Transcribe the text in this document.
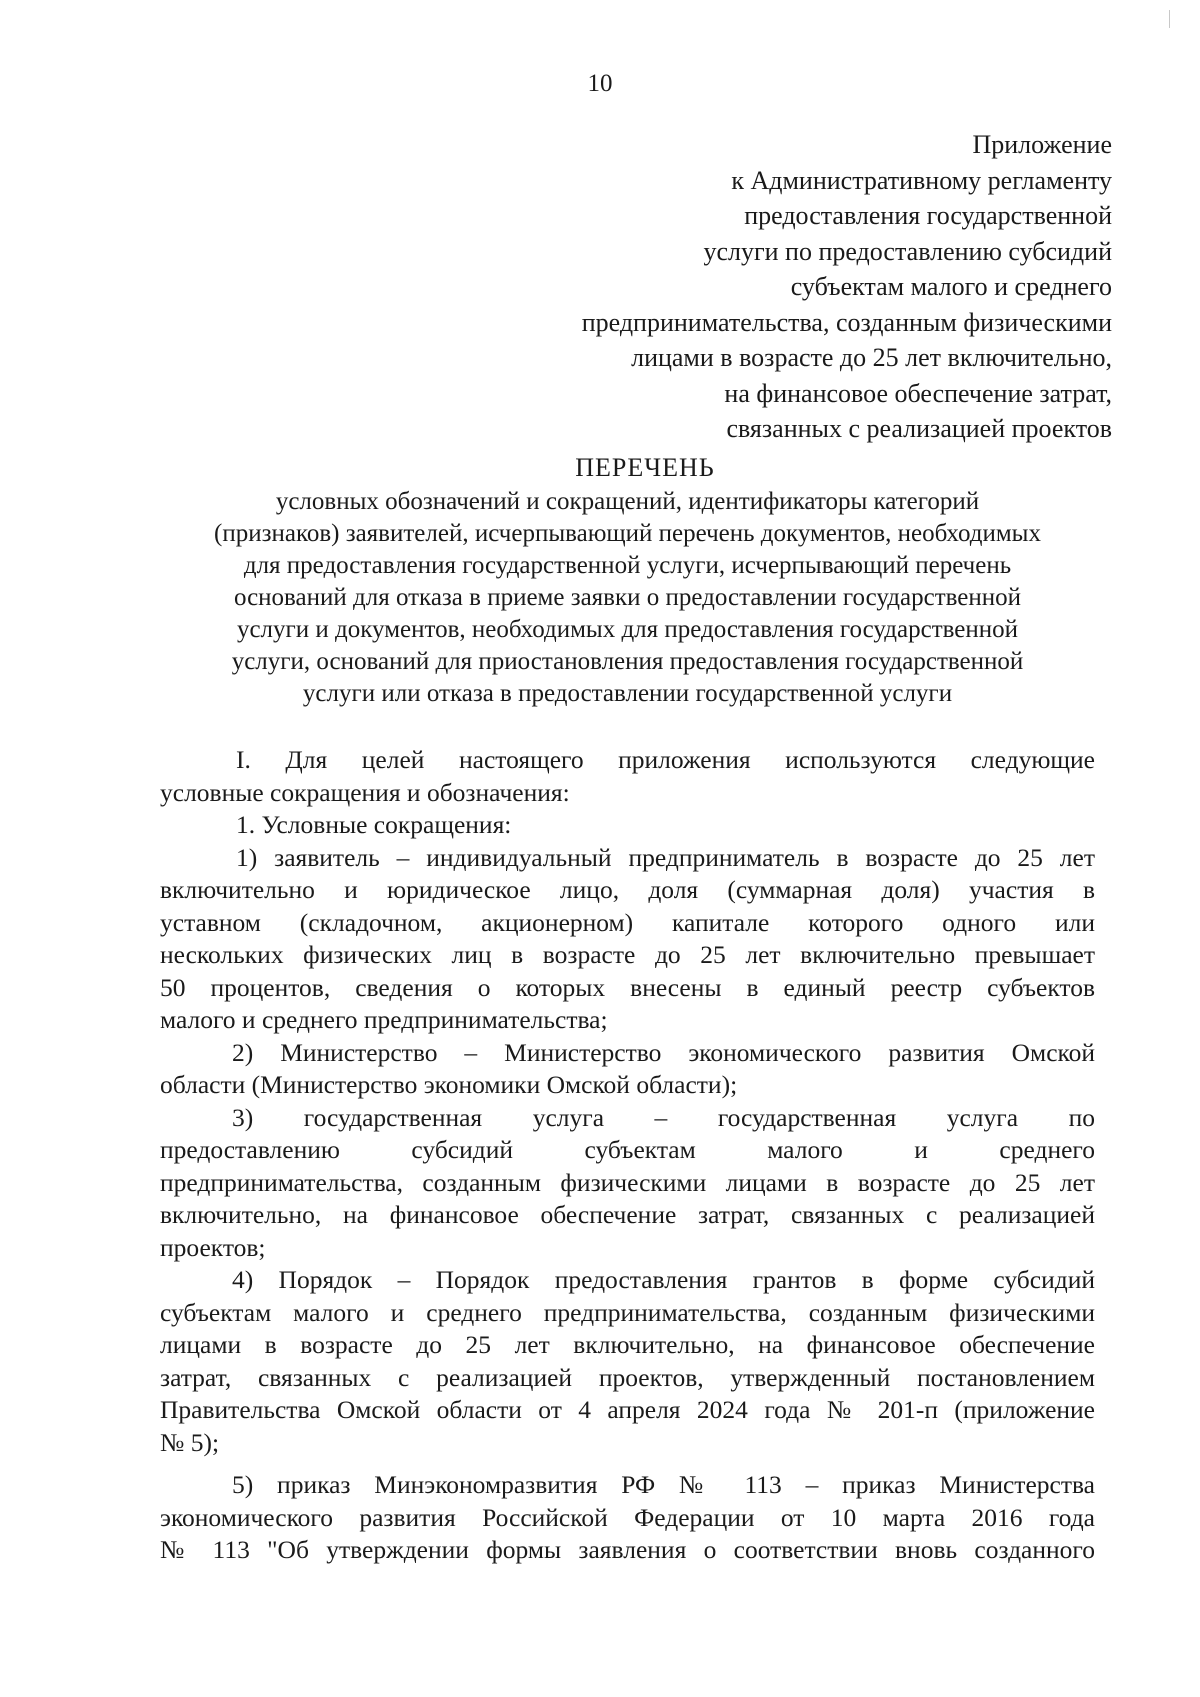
10
Приложение
к Административному регламенту
предоставления государственной
услуги по предоставлению субсидий
субъектам малого и среднего
предпринимательства, созданным физическими
лицами в возрасте до 25 лет включительно,
на финансовое обеспечение затрат,
связанных с реализацией проектов
ПЕРЕЧЕНЬ
условных обозначений и сокращений, идентификаторы категорий
(признаков) заявителей, исчерпывающий перечень документов, необходимых
для предоставления государственной услуги, исчерпывающий перечень
оснований для отказа в приеме заявки о предоставлении государственной
услуги и документов, необходимых для предоставления государственной
услуги, оснований для приостановления предоставления государственной
услуги или отказа в предоставлении государственной услуги
I. Для целей настоящего приложения используются следующие
условные сокращения и обозначения:
1. Условные сокращения:
1) заявитель – индивидуальный предприниматель в возрасте до 25 лет
включительно и юридическое лицо, доля (суммарная доля) участия в
уставном (складочном, акционерном) капитале которого одного или
нескольких физических лиц в возрасте до 25 лет включительно превышает
50 процентов, сведения о которых внесены в единый реестр субъектов
малого и среднего предпринимательства;
2) Министерство – Министерство экономического развития Омской
области (Министерство экономики Омской области);
3) государственная услуга – государственная услуга по
предоставлению субсидий субъектам малого и среднего
предпринимательства, созданным физическими лицами в возрасте до 25 лет
включительно, на финансовое обеспечение затрат, связанных с реализацией
проектов;
4) Порядок – Порядок предоставления грантов в форме субсидий
субъектам малого и среднего предпринимательства, созданным физическими
лицами в возрасте до 25 лет включительно, на финансовое обеспечение
затрат, связанных с реализацией проектов, утвержденный постановлением
Правительства Омской области от 4 апреля 2024 года № 201-п (приложение
№ 5);
5) приказ Минэкономразвития РФ № 113 – приказ Министерства
экономического развития Российской Федерации от 10 марта 2016 года
№ 113 "Об утверждении формы заявления о соответствии вновь созданного
